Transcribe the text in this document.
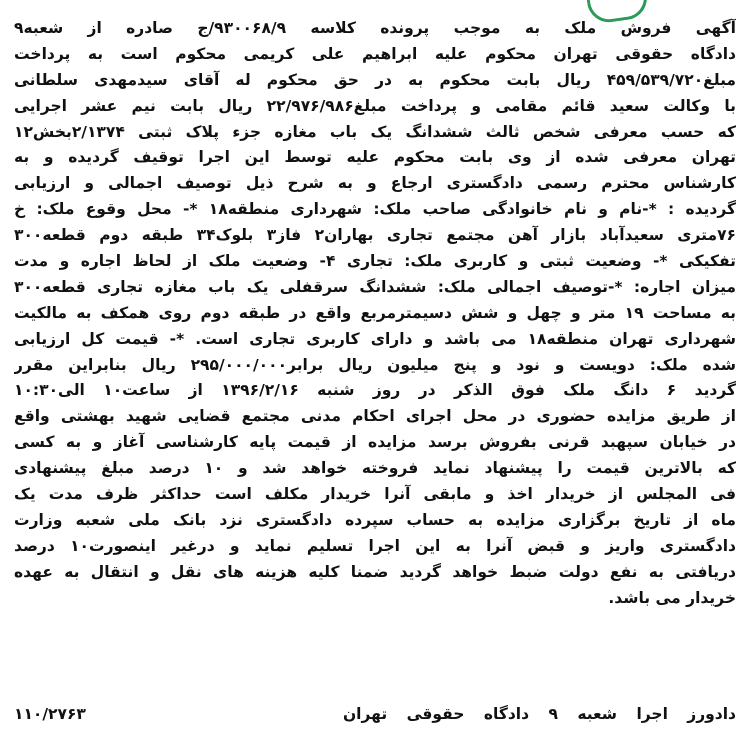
آگهی فروش ملک به موجب پرونده کلاسه ۹۳۰۰۶۸/۹/ج صادره از شعبه۹
دادگاه حقوقی تهران محکوم علیه ابراهیم علی کریمی محکوم است به پرداخت
مبلغ۴۵۹/۵۳۹/۷۲۰ ریال بابت محکوم به در حق محکوم له آقای سیدمهدی سلطانی
با وکالت سعید قائم مقامی و پرداخت مبلغ۲۲/۹۷۶/۹۸۶ ریال بابت نیم عشر اجرایی
که حسب معرفی شخص ثالث ششدانگ یک باب مغازه جزء پلاک ثبتی ۲/۱۳۷۴بخش۱۲
تهران معرفی شده از وی بابت محکوم علیه توسط این اجرا توقیف گردیده و به
کارشناس محترم رسمی دادگستری ارجاع و به شرح ذیل توصیف اجمالی و ارزیابی
گردیده : *-نام و نام خانوادگی صاحب ملک: شهرداری منطقه۱۸ *- محل وقوع ملک: خ
۷۶متری سعیدآباد بازار آهن مجتمع تجاری بهاران۲ فاز۳ بلوک۳۴ طبقه دوم قطعه۳۰۰
تفکیکی *- وضعیت ثبتی و کاربری ملک: تجاری ۴- وضعیت ملک از لحاظ اجاره و مدت
میزان اجاره: *-توصیف اجمالی ملک: ششدانگ سرقفلی یک باب مغازه تجاری قطعه۳۰۰
به مساحت ۱۹ متر و چهل و شش دسیمترمربع واقع در طبقه دوم روی همکف به مالکیت
شهرداری تهران منطقه۱۸ می باشد و دارای کاربری تجاری است. *- قیمت کل ارزیابی
شده ملک: دویست و نود و پنج میلیون ریال برابر۲۹۵/۰۰۰/۰۰۰ ریال بنابراین مقرر
گردید ۶ دانگ ملک فوق الذکر در روز شنبه ۱۳۹۶/۲/۱۶ از ساعت۱۰ الی۱۰:۳۰
از طریق مزایده حضوری در محل اجرای احکام مدنی مجتمع قضایی شهید بهشتی واقع
در خیابان سپهبد قرنی بفروش برسد مزایده از قیمت پایه کارشناسی آغاز و به کسی
که بالاترین قیمت را پیشنهاد نماید فروخته خواهد شد و ۱۰ درصد مبلغ پیشنهادی
فی المجلس از خریدار اخذ و مابقی آنرا خریدار مکلف است حداکثر ظرف مدت یک
ماه از تاریخ برگزاری مزایده به حساب سپرده دادگستری نزد بانک ملی شعبه وزارت
دادگستری واریز و قبض آنرا به این اجرا تسلیم نماید و درغیر اینصورت۱۰ درصد
دریافتی به نفع دولت ضبط خواهد گردید ضمنا کلیه هزینه های نقل و انتقال به عهده
خریدار می باشد.
دادورز اجرا شعبه ۹ دادگاه حقوقی تهران
۱۱۰/۲۷۶۳
